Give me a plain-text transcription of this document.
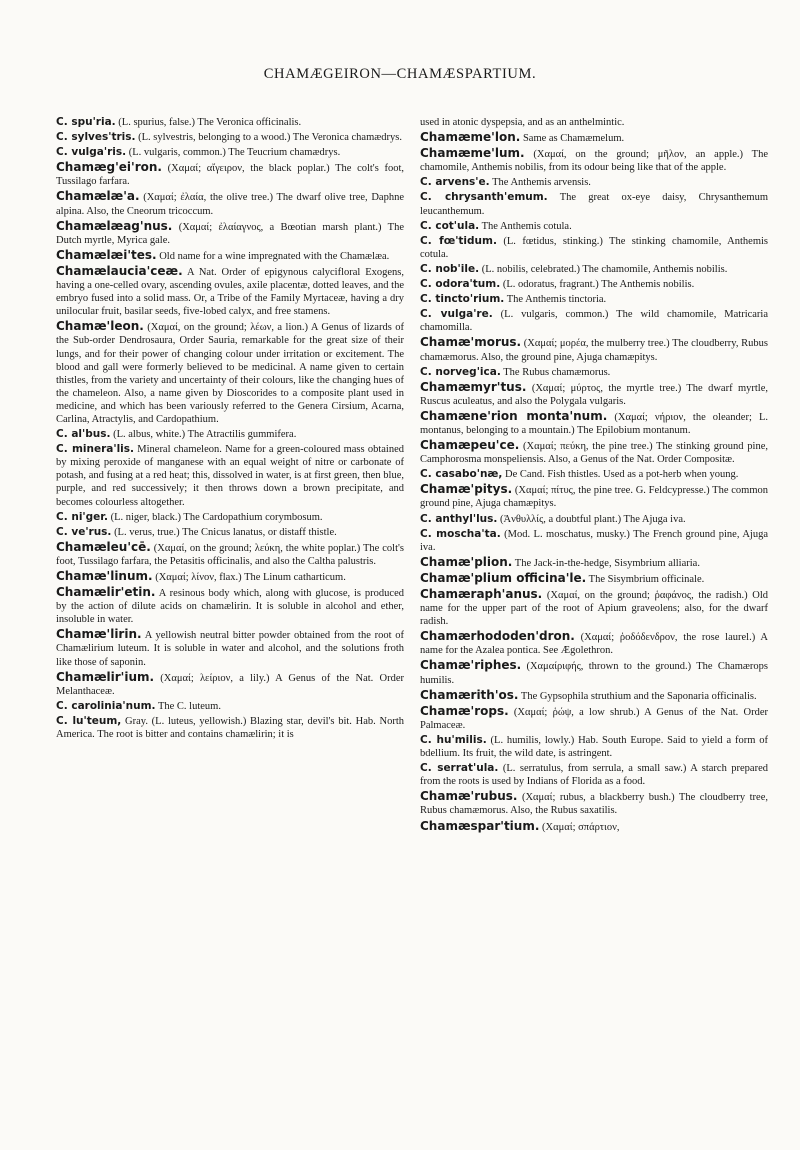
CHAMÆGEIRON—CHAMÆSPARTIUM.
C. spu'ria. (L. spurius, false.) The Veronica officinalis.
C. sylves'tris. (L. sylvestris, belonging to a wood.) The Veronica chamædrys.
C. vulga'ris. (L. vulgaris, common.) The Teucrium chamædrys.
Chamæg'ei'ron. (Χαμαί; αἴγειρον, the black poplar.) The colt's foot, Tussilago farfara.
Chamælæ'a. (Χαμαί; ἐλαία, the olive tree.) The dwarf olive tree, Daphne alpina. Also, the Cneorum tricoccum.
Chamælæag'nus. (Χαμαί; ἐλαίαγνος, a Bœotian marsh plant.) The Dutch myrtle, Myrica gale.
Chamælæi'tes. Old name for a wine impregnated with the Chamælæa.
Chamælaucia'ceæ. A Nat. Order of epigynous calycifloral Exogens, having a one-celled ovary, ascending ovules, axile placentæ, dotted leaves, and the embryo fused into a solid mass. Or, a Tribe of the Family Myrtaceæ, having a dry unilocular fruit, basilar seeds, five-lobed calyx, and free stamens.
Chamæ'leon. (Χαμαί, on the ground; λέων, a lion.) A Genus of lizards of the Sub-order Dendrosaura, Order Sauria, remarkable for the great size of their lungs, and for their power of changing colour under irritation or excitement. The blood and gall were formerly believed to be medicinal. A name given to certain thistles, from the variety and uncertainty of their colours, like the changing hues of the chameleon. Also, a name given by Dioscorides to a composite plant used in medicine, and which has been variously referred to the Genera Cirsium, Acarna, Carlina, Atractylis, and Cardopathium.
C. al'bus. (L. albus, white.) The Atractilis gummifera.
C. minera'lis. Mineral chameleon. Name for a green-coloured mass obtained by mixing peroxide of manganese with an equal weight of nitre or carbonate of potash, and fusing at a red heat; this, dissolved in water, is at first green, then blue, purple, and red successively; it then throws down a brown precipitate, and becomes colourless altogether.
C. ni'ger. (L. niger, black.) The Cardopathium corymbosum.
C. ve'rus. (L. verus, true.) The Cnicus lanatus, or distaff thistle.
Chamæleu'cē. (Χαμαί, on the ground; λεύκη, the white poplar.) The colt's foot, Tussilago farfara, the Petasitis officinalis, and also the Caltha palustris.
Chamæ'linum. (Χαμαί; λίνον, flax.) The Linum catharticum.
Chamælir'etin. A resinous body which, along with glucose, is produced by the action of dilute acids on chamælirin. It is soluble in alcohol and ether, insoluble in water.
Chamæ'lirin. A yellowish neutral bitter powder obtained from the root of Chamælirium luteum. It is soluble in water and alcohol, and the solutions froth like those of saponin.
Chamælir'ium. (Χαμαί; λείριον, a lily.) A Genus of the Nat. Order Melanthaceæ.
C. carolinia'num. The C. luteum.
C. lu'teum, Gray. (L. luteus, yellowish.) Blazing star, devil's bit. Hab. North America. The root is bitter and contains chamælirin; it is
used in atonic dyspepsia, and as an anthelmintic.
Chamæme'lon. Same as Chamæmelum.
Chamæme'lum. (Χαμαί, on the ground; μῆλον, an apple.) The chamomile, Anthemis nobilis, from its odour being like that of the apple.
C. arvens'e. The Anthemis arvensis.
C. chrysanth'emum. The great ox-eye daisy, Chrysanthemum leucanthemum.
C. cot'ula. The Anthemis cotula.
C. fœ'tidum. (L. fœtidus, stinking.) The stinking chamomile, Anthemis cotula.
C. nob'ile. (L. nobilis, celebrated.) The chamomile, Anthemis nobilis.
C. odora'tum. (L. odoratus, fragrant.) The Anthemis nobilis.
C. tincto'rium. The Anthemis tinctoria.
C. vulga're. (L. vulgaris, common.) The wild chamomile, Matricaria chamomilla.
Chamæ'morus. (Χαμαί; μορέα, the mulberry tree.) The cloudberry, Rubus chamæmorus. Also, the ground pine, Ajuga chamæpitys.
C. norveg'ica. The Rubus chamæmorus.
Chamæmyr'tus. (Χαμαί; μύρτος, the myrtle tree.) The dwarf myrtle, Ruscus aculeatus, and also the Polygala vulgaris.
Chamæne'rion monta'num. (Χαμαί; νήριον, the oleander; L. montanus, belonging to a mountain.) The Epilobium montanum.
Chamæpeu'ce. (Χαμαί; πεύκη, the pine tree.) The stinking ground pine, Camphorosma monspeliensis. Also, a Genus of the Nat. Order Compositæ.
C. casabo'næ, De Cand. Fish thistles. Used as a pot-herb when young.
Chamæ'pitys. (Χαμαί; πίτυς, the pine tree. G. Feldcypresse.) The common ground pine, Ajuga chamæpitys.
C. anthyl'lus. (Ἀνθυλλίς, a doubtful plant.) The Ajuga iva.
C. moscha'ta. (Mod. L. moschatus, musky.) The French ground pine, Ajuga iva.
Chamæ'plion. The Jack-in-the-hedge, Sisymbrium alliaria.
Chamæ'plium officina'le. The Sisymbrium officinale.
Chamæraph'anus. (Χαμαί, on the ground; ῥαφάνος, the radish.) Old name for the upper part of the root of Apium graveolens; also, for the dwarf radish.
Chamærhododen'dron. (Χαμαί; ῥοδόδενδρον, the rose laurel.) A name for the Azalea pontica. See Ægolethron.
Chamæ'riphes. (Χαμαίριφής, thrown to the ground.) The Chamærops humilis.
Chamærith'os. The Gypsophila struthium and the Saponaria officinalis.
Chamæ'rops. (Χαμαί; ῥώψ, a low shrub.) A Genus of the Nat. Order Palmaceæ.
C. hu'milis. (L. humilis, lowly.) Hab. South Europe. Said to yield a form of bdellium. Its fruit, the wild date, is astringent.
C. serrat'ula. (L. serratulus, from serrula, a small saw.) A starch prepared from the roots is used by Indians of Florida as a food.
Chamæ'rubus. (Χαμαί; rubus, a blackberry bush.) The cloudberry tree, Rubus chamæmorus. Also, the Rubus saxatilis.
Chamæspar'tium. (Χαμαί; σπάρτιον,
